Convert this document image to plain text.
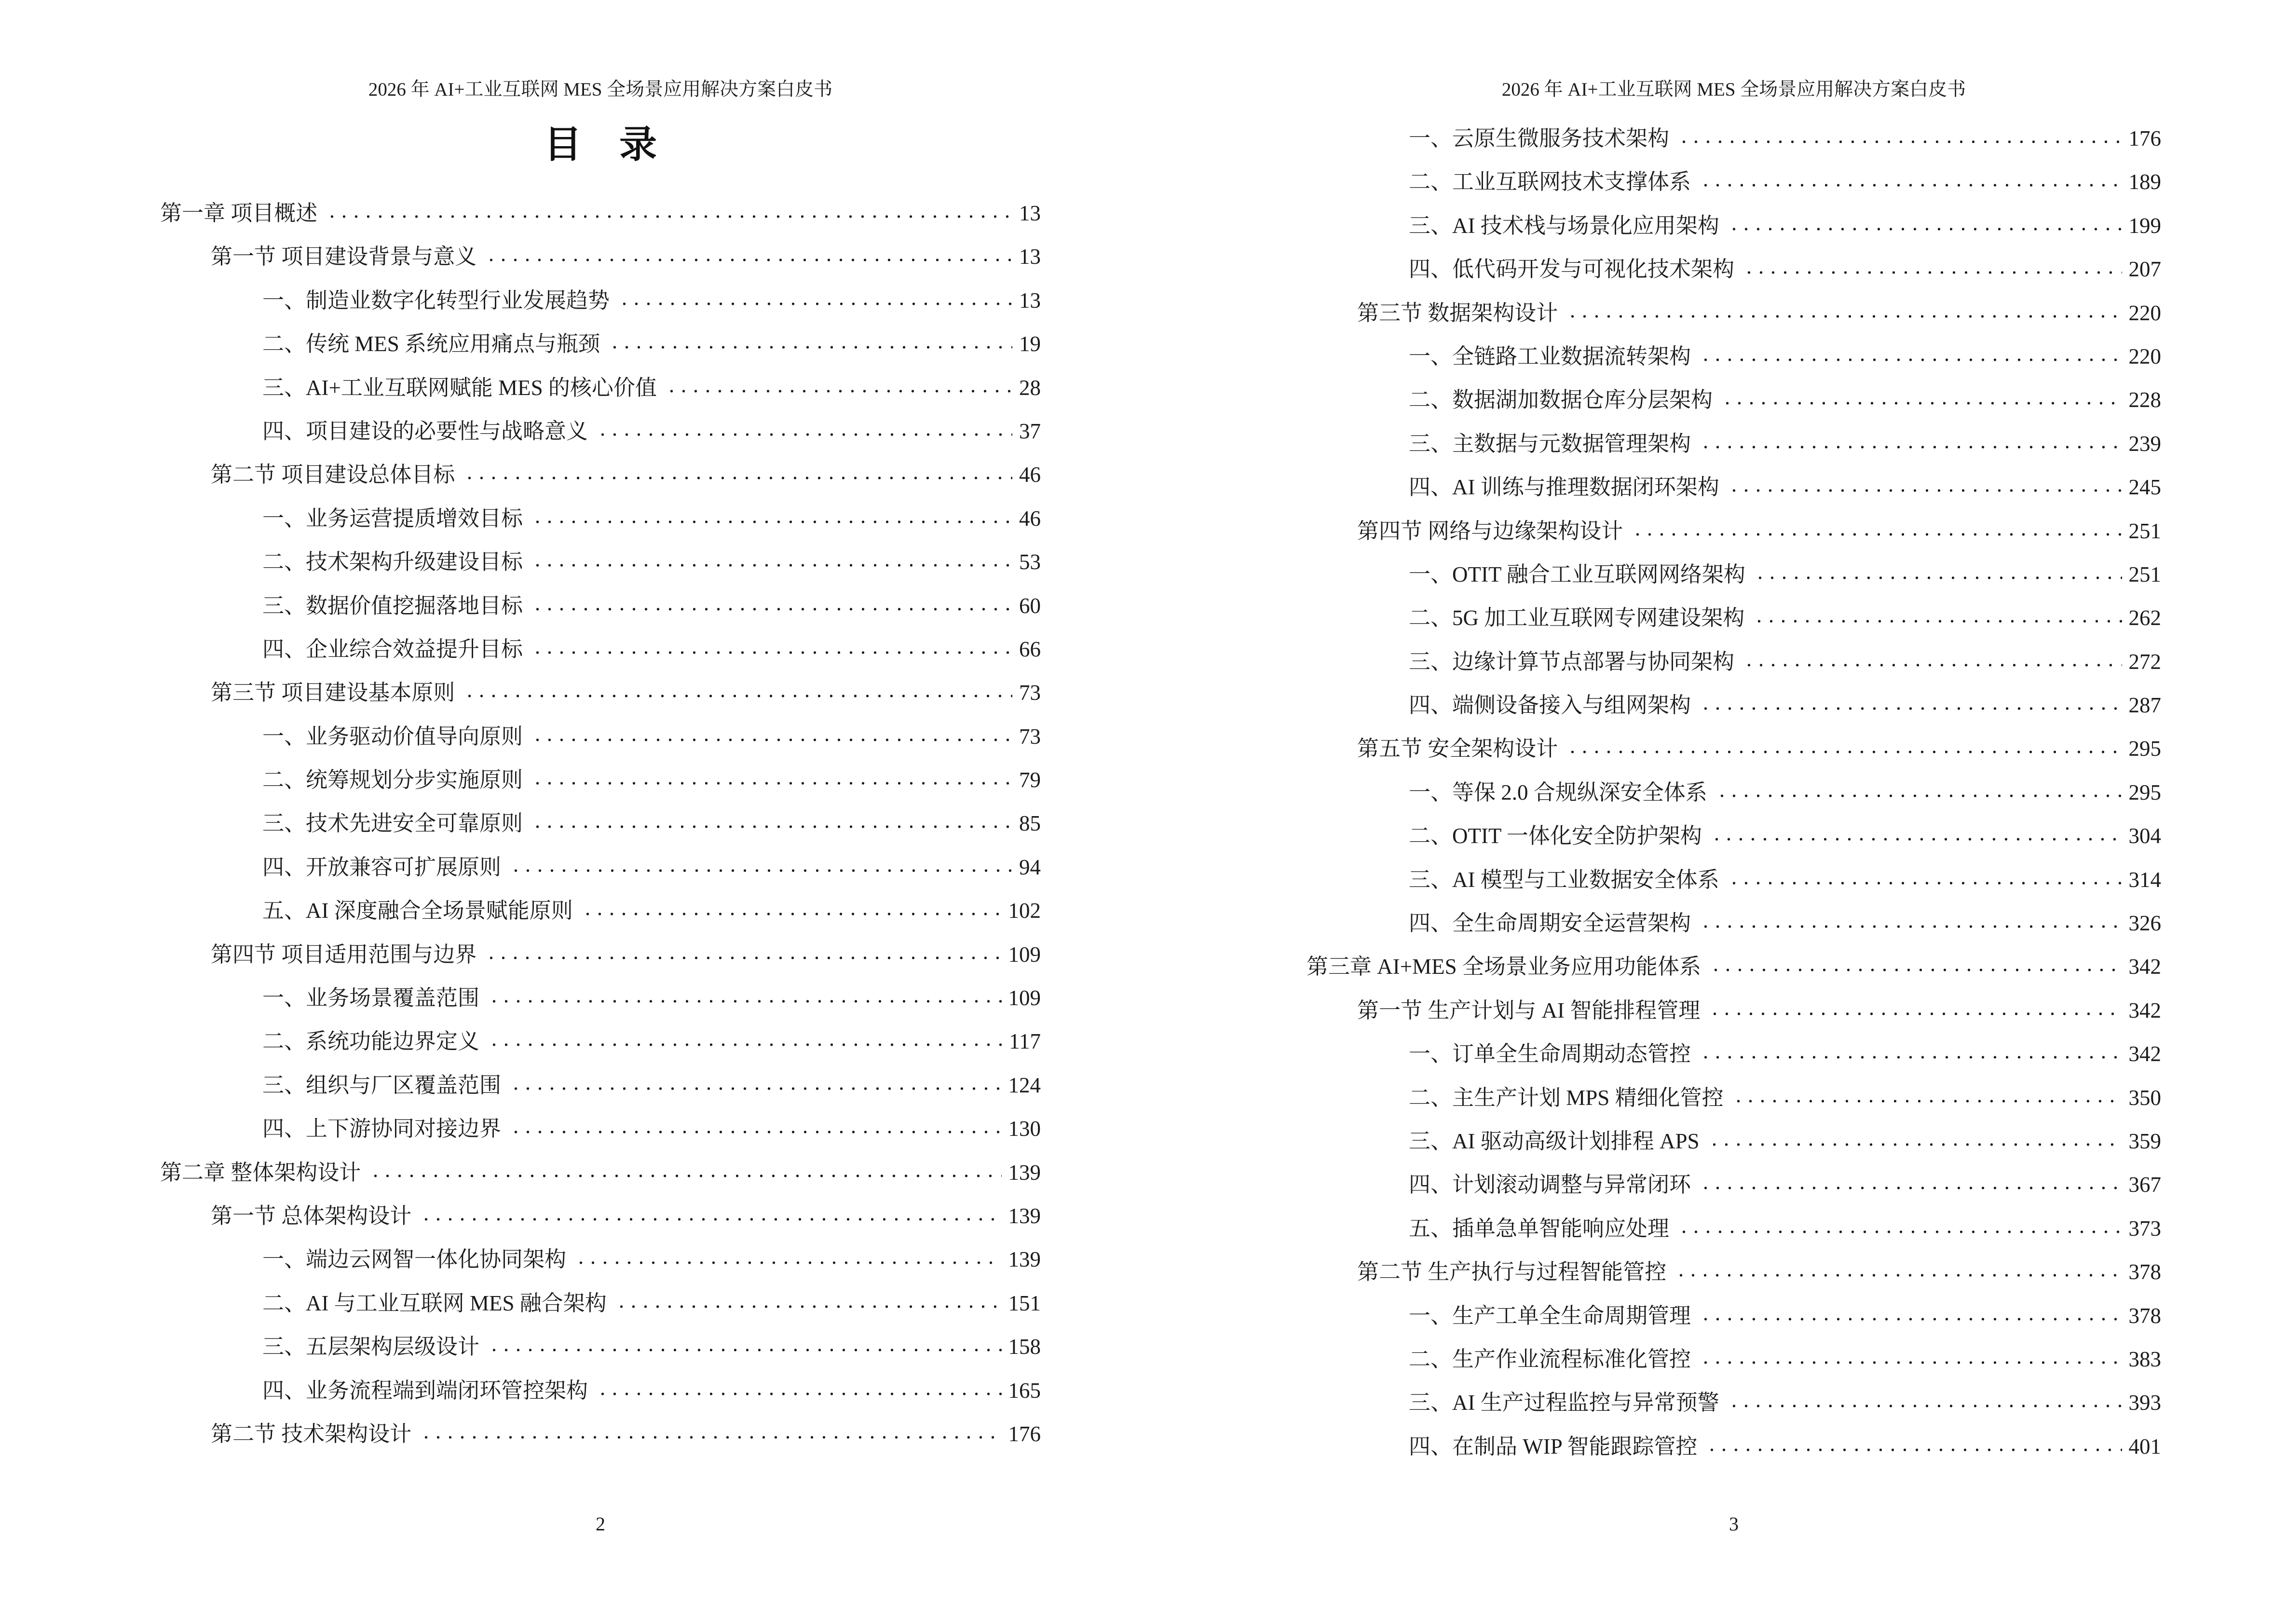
2026 年 AI+工业互联网 MES 全场景应用解决方案白皮书
目　录
第一章 项目概述	13
第一节 项目建设背景与意义	13
一、制造业数字化转型行业发展趋势	13
二、传统 MES 系统应用痛点与瓶颈	19
三、AI+工业互联网赋能 MES 的核心价值	28
四、项目建设的必要性与战略意义	37
第二节 项目建设总体目标	46
一、业务运营提质增效目标	46
二、技术架构升级建设目标	53
三、数据价值挖掘落地目标	60
四、企业综合效益提升目标	66
第三节 项目建设基本原则	73
一、业务驱动价值导向原则	73
二、统筹规划分步实施原则	79
三、技术先进安全可靠原则	85
四、开放兼容可扩展原则	94
五、AI 深度融合全场景赋能原则	102
第四节 项目适用范围与边界	109
一、业务场景覆盖范围	109
二、系统功能边界定义	117
三、组织与厂区覆盖范围	124
四、上下游协同对接边界	130
第二章 整体架构设计	139
第一节 总体架构设计	139
一、端边云网智一体化协同架构	139
二、AI 与工业互联网 MES 融合架构	151
三、五层架构层级设计	158
四、业务流程端到端闭环管控架构	165
第二节 技术架构设计	176
2
2026 年 AI+工业互联网 MES 全场景应用解决方案白皮书
一、云原生微服务技术架构	176
二、工业互联网技术支撑体系	189
三、AI 技术栈与场景化应用架构	199
四、低代码开发与可视化技术架构	207
第三节 数据架构设计	220
一、全链路工业数据流转架构	220
二、数据湖加数据仓库分层架构	228
三、主数据与元数据管理架构	239
四、AI 训练与推理数据闭环架构	245
第四节 网络与边缘架构设计	251
一、OTIT 融合工业互联网网络架构	251
二、5G 加工业互联网专网建设架构	262
三、边缘计算节点部署与协同架构	272
四、端侧设备接入与组网架构	287
第五节 安全架构设计	295
一、等保 2.0 合规纵深安全体系	295
二、OTIT 一体化安全防护架构	304
三、AI 模型与工业数据安全体系	314
四、全生命周期安全运营架构	326
第三章 AI+MES 全场景业务应用功能体系	342
第一节 生产计划与 AI 智能排程管理	342
一、订单全生命周期动态管控	342
二、主生产计划 MPS 精细化管控	350
三、AI 驱动高级计划排程 APS	359
四、计划滚动调整与异常闭环	367
五、插单急单智能响应处理	373
第二节 生产执行与过程智能管控	378
一、生产工单全生命周期管理	378
二、生产作业流程标准化管控	383
三、AI 生产过程监控与异常预警	393
四、在制品 WIP 智能跟踪管控	401
3
